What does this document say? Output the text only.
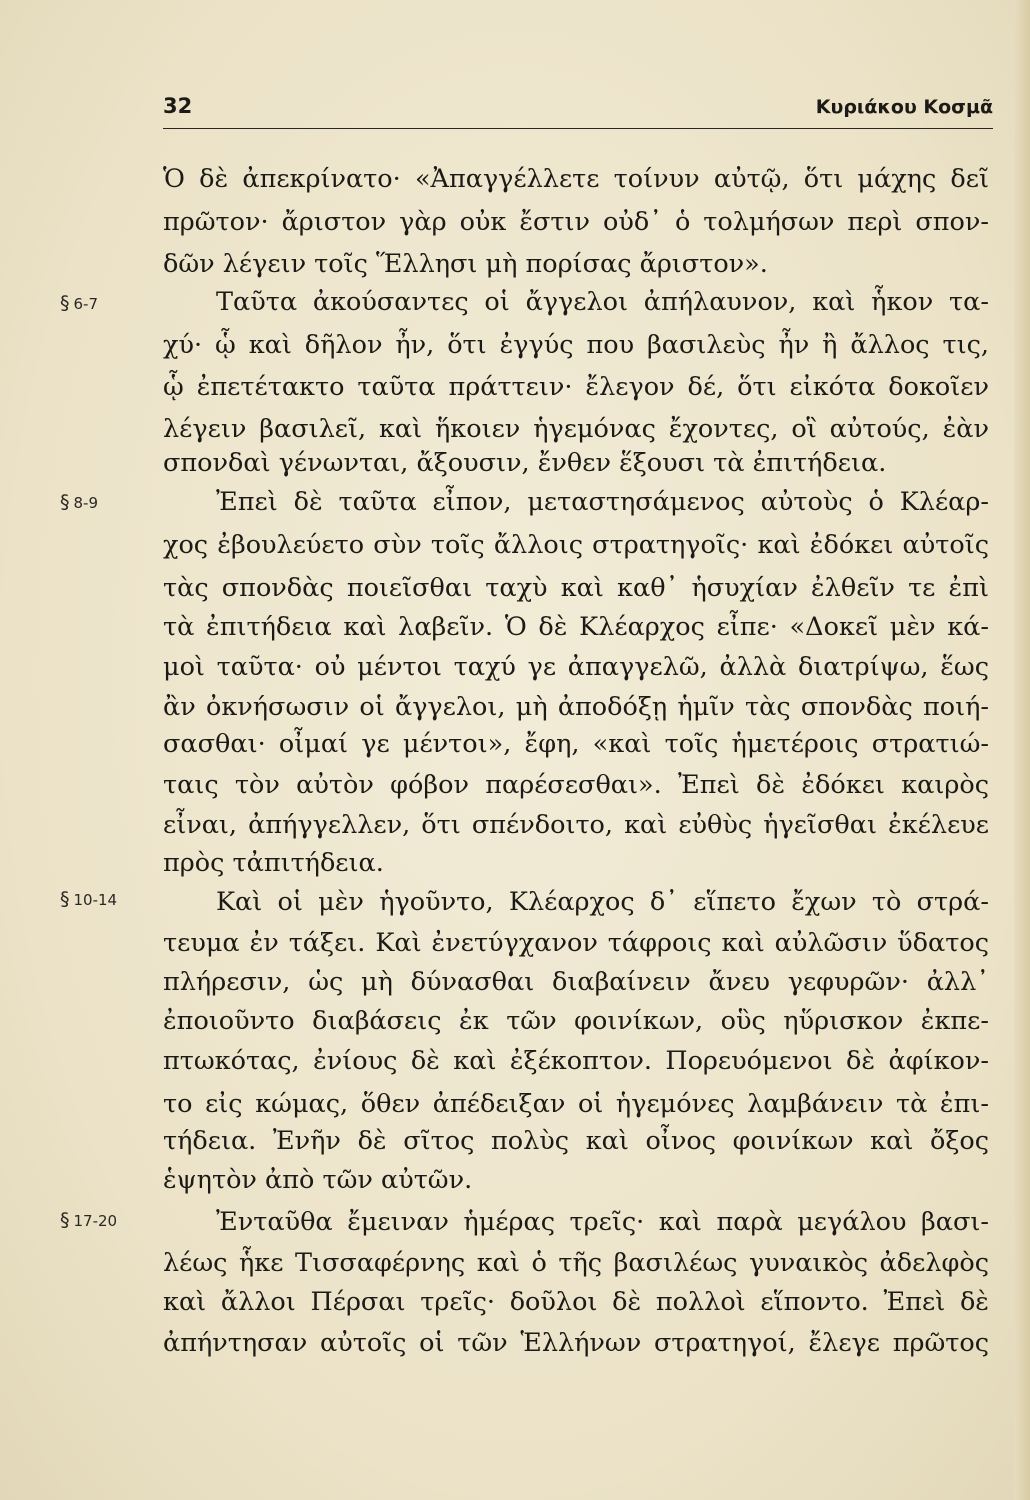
32	Κυριάκου Κοσμᾶ
§ 6-7
§ 8-9
§ 10-14
§ 17-20
Ὁ δὲ ἀπεκρίνατο· «Ἀπαγγέλλετε τοίνυν αὐτῷ, ὅτι μάχης δεῖ
πρῶτον· ἄριστον γὰρ οὐκ ἔστιν οὐδ᾽ ὁ τολμήσων περὶ σπον-
δῶν λέγειν τοῖς Ἕλλησι μὴ πορίσας ἄριστον».
Ταῦτα ἀκούσαντες οἱ ἄγγελοι ἀπήλαυνον, καὶ ἧκον τα-
χύ· ᾧ καὶ δῆλον ἦν, ὅτι ἐγγύς που βασιλεὺς ἦν ἢ ἄλλος τις,
ᾧ ἐπετέτακτο ταῦτα πράττειν· ἔλεγον δέ, ὅτι εἰκότα δοκοῖεν
λέγειν βασιλεῖ, καὶ ἥκοιεν ἡγεμόνας ἔχοντες, οἳ αὐτούς, ἐὰν
σπονδαὶ γένωνται, ἄξουσιν, ἔνθεν ἕξουσι τὰ ἐπιτήδεια.
Ἐπεὶ δὲ ταῦτα εἶπον, μεταστησάμενος αὐτοὺς ὁ Κλέαρ-
χος ἐβουλεύετο σὺν τοῖς ἄλλοις στρατηγοῖς· καὶ ἐδόκει αὐτοῖς
τὰς σπονδὰς ποιεῖσθαι ταχὺ καὶ καθ᾽ ἡσυχίαν ἐλθεῖν τε ἐπὶ
τὰ ἐπιτήδεια καὶ λαβεῖν. Ὁ δὲ Κλέαρχος εἶπε· «Δοκεῖ μὲν κά-
μοὶ ταῦτα· οὐ μέντοι ταχύ γε ἀπαγγελῶ, ἀλλὰ διατρίψω, ἕως
ἂν ὀκνήσωσιν οἱ ἄγγελοι, μὴ ἀποδόξῃ ἡμῖν τὰς σπονδὰς ποιή-
σασθαι· οἶμαί γε μέντοι», ἔφη, «καὶ τοῖς ἡμετέροις στρατιώ-
ταις τὸν αὐτὸν φόβον παρέσεσθαι». Ἐπεὶ δὲ ἐδόκει καιρὸς
εἶναι, ἀπήγγελλεν, ὅτι σπένδοιτο, καὶ εὐθὺς ἡγεῖσθαι ἐκέλευε
πρὸς τἀπιτήδεια.
Καὶ οἱ μὲν ἡγοῦντο, Κλέαρχος δ᾽ εἵπετο ἔχων τὸ στρά-
τευμα ἐν τάξει. Καὶ ἐνετύγχανον τάφροις καὶ αὐλῶσιν ὕδατος
πλήρεσιν, ὡς μὴ δύνασθαι διαβαίνειν ἄνευ γεφυρῶν· ἀλλ᾽
ἐποιοῦντο διαβάσεις ἐκ τῶν φοινίκων, οὓς ηὕρισκον ἐκπε-
πτωκότας, ἐνίους δὲ καὶ ἐξέκοπτον. Πορευόμενοι δὲ ἀφίκον-
το εἰς κώμας, ὅθεν ἀπέδειξαν οἱ ἡγεμόνες λαμβάνειν τὰ ἐπι-
τήδεια. Ἐνῆν δὲ σῖτος πολὺς καὶ οἶνος φοινίκων καὶ ὄξος
ἑψητὸν ἀπὸ τῶν αὐτῶν.
Ἐνταῦθα ἔμειναν ἡμέρας τρεῖς· καὶ παρὰ μεγάλου βασι-
λέως ἧκε Τισσαφέρνης καὶ ὁ τῆς βασιλέως γυναικὸς ἀδελφὸς
καὶ ἄλλοι Πέρσαι τρεῖς· δοῦλοι δὲ πολλοὶ εἵποντο. Ἐπεὶ δὲ
ἀπήντησαν αὐτοῖς οἱ τῶν Ἑλλήνων στρατηγοί, ἔλεγε πρῶτος
